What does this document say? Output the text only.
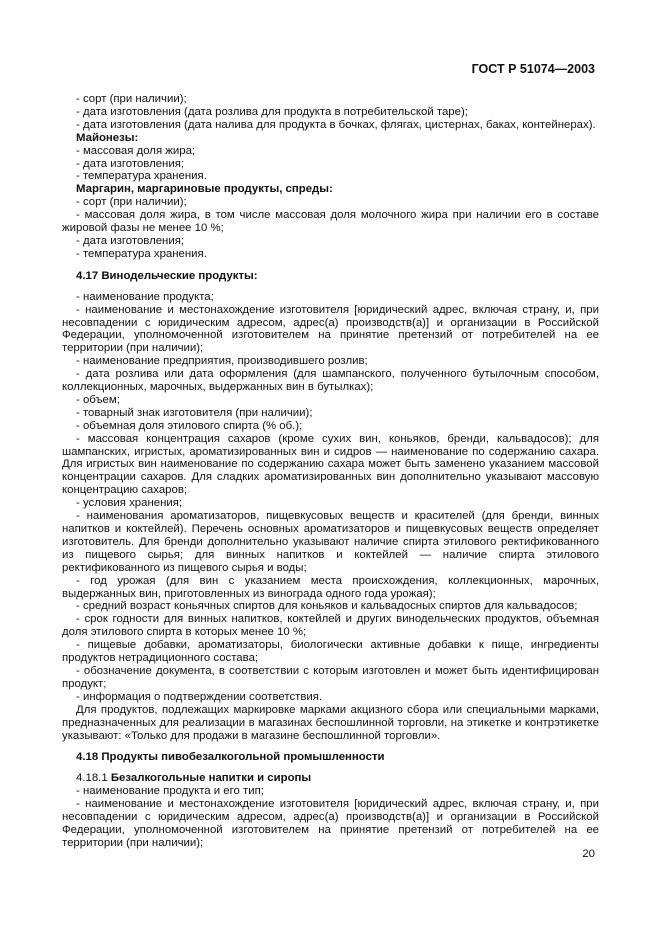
ГОСТ Р 51074—2003

- сорт (при наличии);

- дата изготовления (дата розлива для продукта в потребительской таре);

- дата изготовления (дата налива для продукта в бочках, флягах, цистернах, баках, контейнерах).

Майонезы:

- массовая доля жира;

- дата изготовления;

- температура хранения.

Маргарин, маргариновые продукты, спреды:

- сорт (при наличии);

- массовая доля жира, в том числе массовая доля молочного жира при наличии его в составе жировой фазы не менее 10 %;

- дата изготовления;

- температура хранения.

4.17 Винодельческие продукты:

- наименование продукта;

- наименование и местонахождение изготовителя [юридический адрес, включая страну, и, при несовпадении с юридическим адресом, адрес(а) производств(а)] и организации в Российской Федерации, уполномоченной изготовителем на принятие претензий от потребителей на ее территории (при наличии);

- наименование предприятия, производившего розлив;

- дата розлива или дата оформления (для шампанского, полученного бутылочным способом, коллекционных, марочных, выдержанных вин в бутылках);

- объем;

- товарный знак изготовителя (при наличии);

- объемная доля этилового спирта (% об.);

- массовая концентрация сахаров (кроме сухих вин, коньяков, бренди, кальвадосов); для шампанских, игристых, ароматизированных вин и сидров — наименование по содержанию сахара. Для игристых вин наименование по содержанию сахара может быть заменено указанием массовой концентрации сахаров. Для сладких ароматизированных вин дополнительно указывают массовую концентрацию сахаров;

- условия хранения;

- наименования ароматизаторов, пищевкусовых веществ и красителей (для бренди, винных напитков и коктейлей). Перечень основных ароматизаторов и пищевкусовых веществ определяет изготовитель. Для бренди дополнительно указывают наличие спирта этилового ректификованного из пищевого сырья; для винных напитков и коктейлей — наличие спирта этилового ректификованного из пищевого сырья и воды;

- год урожая (для вин с указанием места происхождения, коллекционных, марочных, выдержанных вин, приготовленных из винограда одного года урожая);

- средний возраст коньячных спиртов для коньяков и кальвадосных спиртов для кальвадосов;

- срок годности для винных напитков, коктейлей и других винодельческих продуктов, объемная доля этилового спирта в которых менее 10 %;

- пищевые добавки, ароматизаторы, биологически активные добавки к пище, ингредиенты продуктов нетрадиционного состава;

- обозначение документа, в соответствии с которым изготовлен и может быть идентифицирован продукт;

- информация о подтверждении соответствия.

Для продуктов, подлежащих маркировке марками акцизного сбора или специальными марками, предназначенных для реализации в магазинах беспошлинной торговли, на этикетке и контрэтикетке указывают: «Только для продажи в магазине беспошлинной торговли».

4.18 Продукты пивобезалкогольной промышленности

4.18.1 Безалкогольные напитки и сиропы

- наименование продукта и его тип;

- наименование и местонахождение изготовителя [юридический адрес, включая страну, и, при несовпадении с юридическим адресом, адрес(а) производств(а)] и организации в Российской Федерации, уполномоченной изготовителем на принятие претензий от потребителей на ее территории (при наличии);

20
